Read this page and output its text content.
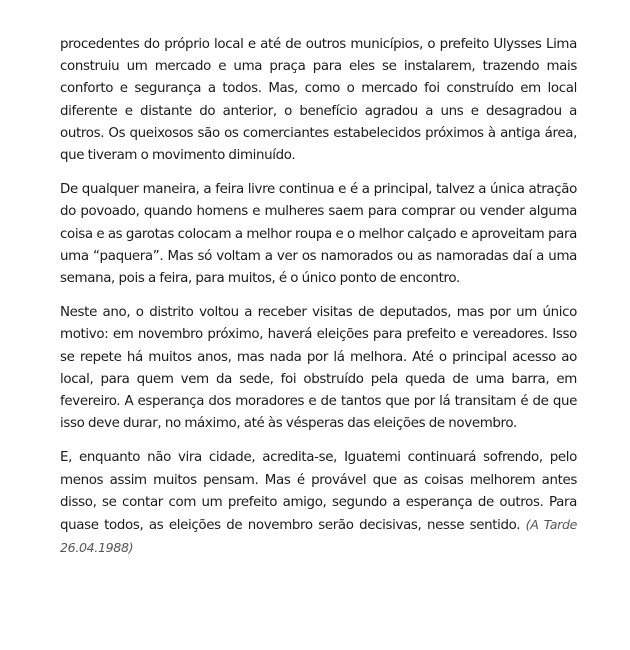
procedentes do próprio local e até de outros municípios, o prefeito Ulysses Lima construiu um mercado e uma praça para eles se instalarem, trazendo mais conforto e segurança a todos. Mas, como o mercado foi construído em local diferente e distante do anterior, o benefício agradou a uns e desagradou a outros. Os queixosos são os comerciantes estabelecidos próximos à antiga área, que tiveram o movimento diminuído.

De qualquer maneira, a feira livre continua e é a principal, talvez a única atração do povoado, quando homens e mulheres saem para comprar ou vender alguma coisa e as garotas colocam a melhor roupa e o melhor calçado e aproveitam para uma “paquera”. Mas só voltam a ver os namorados ou as namoradas daí a uma semana, pois a feira, para muitos, é o único ponto de encontro.

Neste ano, o distrito voltou a receber visitas de deputados, mas por um único motivo: em novembro próximo, haverá eleições para prefeito e vereadores. Isso se repete há muitos anos, mas nada por lá melhora. Até o principal acesso ao local, para quem vem da sede, foi obstruído pela queda de uma barra, em fevereiro. A esperança dos moradores e de tantos que por lá transitam é de que isso deve durar, no máximo, até às vésperas das eleições de novembro.

E, enquanto não vira cidade, acredita-se, Iguatemi continuará sofrendo, pelo menos assim muitos pensam. Mas é provável que as coisas melhorem antes disso, se contar com um prefeito amigo, segundo a esperança de outros. Para quase todos, as eleições de novembro serão decisivas, nesse sentido. (A Tarde 26.04.1988)
